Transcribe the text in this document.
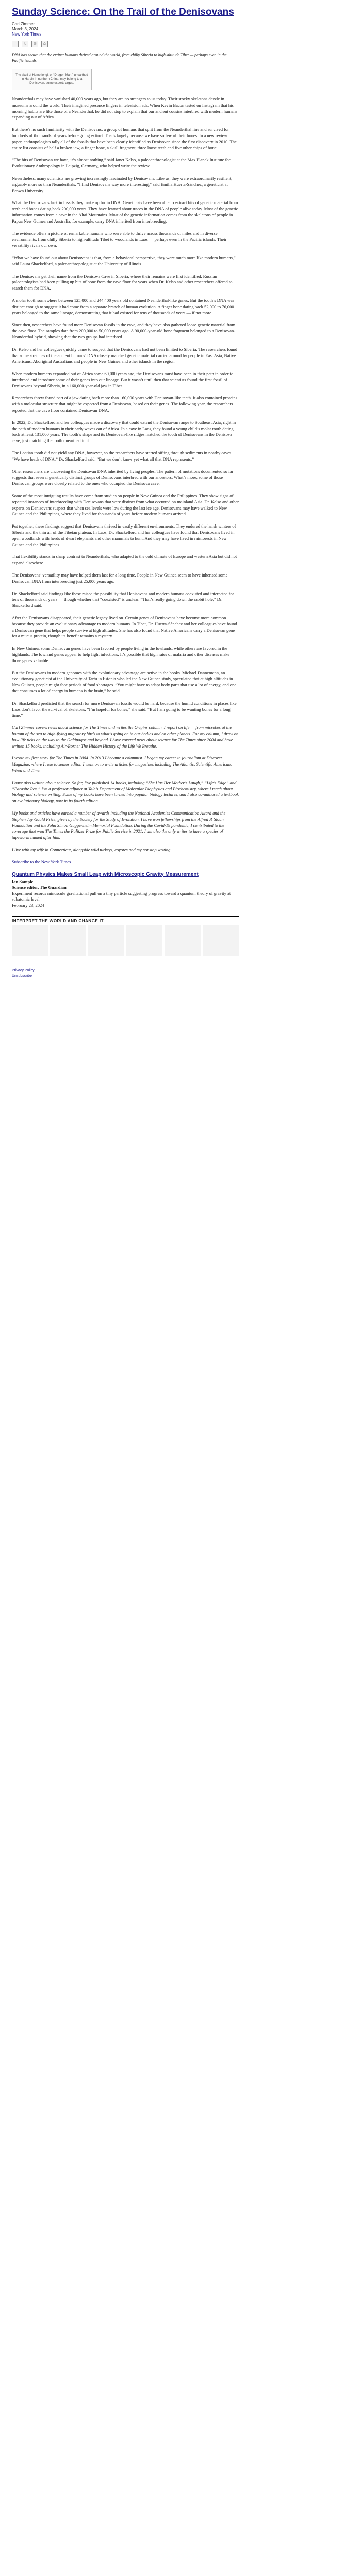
Sunday Science: On the Trail of the Denisovans
Carl Zimmer
March 3, 2024
New York Times
f	t	✉	⎙

DNA has shown that the extinct humans thrived around the world, from chilly Siberia to high-altitude Tibet — perhaps even in the Pacific islands.

The skull of Homo longi, or “Dragon Man,” unearthed in Harbin in northern China, may belong to a Denisovan, some experts argue.

Neanderthals may have vanished 40,000 years ago, but they are no strangers to us today. Their stocky skeletons dazzle in museums around the world. Their imagined presence lingers in television ads. When Kevin Bacon tested on Instagram that his morning habits are like those of a Neanderthal, he did not stop to explain that our ancient cousins interbred with modern humans expanding out of Africa.

But there's no such familiarity with the Denisovans, a group of humans that split from the Neanderthal line and survived for hundreds of thousands of years before going extinct. That's largely because we have so few of their bones. In a new review paper, anthropologists tally all of the fossils that have been clearly identified as Denisovan since the first discovery in 2010. The entire list consists of half a broken jaw, a finger bone, a skull fragment, three loose teeth and five other chips of bone.

“The bits of Denisovan we have, it’s almost nothing,” said Janet Kelso, a paleoanthropologist at the Max Planck Institute for Evolutionary Anthropology in Leipzig, Germany, who helped write the review.

Nevertheless, many scientists are growing increasingly fascinated by Denisovans. Like us, they were extraordinarily resilient, arguably more so than Neanderthals. “I find Denisovans way more interesting,” said Emilia Huerta-Sánchez, a geneticist at Brown University.

What the Denisovans lack in fossils they make up for in DNA. Geneticists have been able to extract bits of genetic material from teeth and bones dating back 200,000 years. They have learned about traces in the DNA of people alive today. Most of the genetic information comes from a cave in the Altai Mountains. Most of the genetic information comes from the skeletons of people in Papua New Guinea and Australia, for example, carry DNA inherited from interbreeding.

The evidence offers a picture of remarkable humans who were able to thrive across thousands of miles and in diverse environments, from chilly Siberia to high-altitude Tibet to woodlands in Laos — perhaps even in the Pacific islands. Their versatility rivals our own.

“What we have found out about Denisovans is that, from a behavioral perspective, they were much more like modern humans,” said Laura Shackelford, a paleoanthropologist at the University of Illinois.

The Denisovans get their name from the Denisova Cave in Siberia, where their remains were first identified. Russian paleontologists had been pulling up bits of bone from the cave floor for years when Dr. Kelso and other researchers offered to search them for DNA.

A molar tooth somewhere between 125,000 and 244,400 years old contained Neanderthal-like genes. But the tooth’s DNA was distinct enough to suggest it had come from a separate branch of human evolution. A finger bone dating back 52,000 to 76,000 years belonged to the same lineage, demonstrating that it had existed for tens of thousands of years — if not more.

Since then, researchers have found more Denisovan fossils in the cave, and they have also gathered loose genetic material from the cave floor. The samples date from 200,000 to 50,000 years ago. A 90,000-year-old bone fragment belonged to a Denisovan-Neanderthal hybrid, showing that the two groups had interbred.

Dr. Kelso and her colleagues quickly came to suspect that the Denisovans had not been limited to Siberia. The researchers found that some stretches of the ancient humans’ DNA closely matched genetic material carried around by people in East Asia, Native Americans, Aboriginal Australians and people in New Guinea and other islands in the region.

When modern humans expanded out of Africa some 60,000 years ago, the Denisovans must have been in their path in order to interbreed and introduce some of their genes into our lineage. But it wasn’t until then that scientists found the first fossil of Denisovans beyond Siberia, in a 160,000-year-old jaw in Tibet.

Researchers threw found part of a jaw dating back more than 160,000 years with Denisovan-like teeth. It also contained proteins with a molecular structure that might be expected from a Denisovan, based on their genes. The following year, the researchers reported that the cave floor contained Denisovan DNA.

In 2022, Dr. Shackelford and her colleagues made a discovery that could extend the Denisovan range to Southeast Asia, right in the path of modern humans in their early waves out of Africa. In a cave in Laos, they found a young child’s molar tooth dating back at least 131,000 years. The tooth’s shape and its Denisovan-like ridges matched the tooth of Denisovans in the Denisova cave, just matching the tooth unearthed in it.

The Laotian tooth did not yield any DNA, however, so the researchers have started sifting through sediments in nearby caves. “We have loads of DNA,” Dr. Shackelford said. “But we don’t know yet what all that DNA represents.”

Other researchers are uncovering the Denisovan DNA inherited by living peoples. The pattern of mutations documented so far suggests that several genetically distinct groups of Denisovans interbred with our ancestors. What’s more, some of those Denisovan groups were closely related to the ones who occupied the Denisova cave.

Some of the most intriguing results have come from studies on people in New Guinea and the Philippines. They show signs of repeated instances of interbreeding with Denisovans that were distinct from what occurred on mainland Asia. Dr. Kelso and other experts on Denisovans suspect that when sea levels were low during the last ice age, Denisovans may have walked to New Guinea and the Philippines, where they lived for thousands of years before modern humans arrived.

Put together, these findings suggest that Denisovans thrived in vastly different environments. They endured the harsh winters of Siberia and the thin air of the Tibetan plateau. In Laos, Dr. Shackelford and her colleagues have found that Denisovans lived in open woodlands with herds of dwarf elephants and other mammals to hunt. And they may have lived in rainforests in New Guinea and the Philippines.

That flexibility stands in sharp contrast to Neanderthals, who adapted to the cold climate of Europe and western Asia but did not expand elsewhere.

The Denisovans’ versatility may have helped them last for a long time. People in New Guinea seem to have inherited some Denisovan DNA from interbreeding just 25,000 years ago.

Dr. Shackelford said findings like these raised the possibility that Denisovans and modern humans coexisted and interacted for tens of thousands of years — though whether that “coexisted” is unclear. “That’s really going down the rabbit hole,” Dr. Shackelford said.

After the Denisovans disappeared, their genetic legacy lived on. Certain genes of Denisovans have become more common because they provide an evolutionary advantage to modern humans. In Tibet, Dr. Huerta-Sánchez and her colleagues have found a Denisovan gene that helps people survive at high altitudes. She has also found that Native Americans carry a Denisovan gene for a mucus protein, though its benefit remains a mystery.

In New Guinea, some Denisovan genes have been favored by people living in the lowlands, while others are favored in the highlands. The lowland genes appear to help fight infections. It’s possible that high rates of malaria and other diseases make those genes valuable.

But the Denisovans in modern genomes with the evolutionary advantage are active in the books. Michael Dannemann, an evolutionary geneticist at the University of Tartu in Estonia who led the New Guinea study, speculated that at high altitudes in New Guinea, people might face periods of food shortages. “You might have to adapt body parts that use a lot of energy, and one that consumes a lot of energy in humans is the brain,” he said.

Dr. Shackelford predicted that the search for more Denisovan fossils would be hard, because the humid conditions in places like Laos don’t favor the survival of skeletons. “I’m hopeful for bones,” she said. “But I am going to be wanting bones for a long time.”

Carl Zimmer covers news about science for The Times and writes the Origins column. I report on life — from microbes at the bottom of the sea to high-flying migratory birds to what's going on in our bodies and on other planets. For my column, I draw on how life ticks on the way to the Galápagos and beyond. I have covered news about science for The Times since 2004 and have written 15 books, including Air-Borne: The Hidden History of the Life We Breathe.

I wrote my first story for The Times in 2004. In 2013 I became a columnist. I began my career in journalism at Discover Magazine, where I rose to senior editor. I went on to write articles for magazines including The Atlantic, Scientific American, Wired and Time.

I have also written about science. So far, I’ve published 14 books, including “She Has Her Mother’s Laugh,” “Life’s Edge” and “Parasite Rex.” I’m a professor adjunct at Yale’s Department of Molecular Biophysics and Biochemistry, where I teach about biology and science writing. Some of my books have been turned into popular biology lectures, and I also co-authored a textbook on evolutionary biology, now in its fourth edition.

My books and articles have earned a number of awards including the National Academies Communication Award and the Stephen Jay Gould Prize, given by the Society for the Study of Evolution. I have won fellowships from the Alfred P. Sloan Foundation and the John Simon Guggenheim Memorial Foundation. During the Covid-19 pandemic, I contributed to the coverage that won The Times the Pulitzer Prize for Public Service in 2021. I am also the only writer to have a species of tapeworm named after him.

I live with my wife in Connecticut, alongside wild turkeys, coyotes and my nonstop writing.

Subscribe to the New York Times.

Quantum Physics Makes Small Leap with Microscopic Gravity Measurement
Ian Sample
Science editor, The Guardian
Experiment records minuscule gravitational pull on a tiny particle suggesting progress toward a quantum theory of gravity at subatomic level
February 23, 2024
INTERPRET THE WORLD AND CHANGE IT
Privacy Policy
Unsubscribe
